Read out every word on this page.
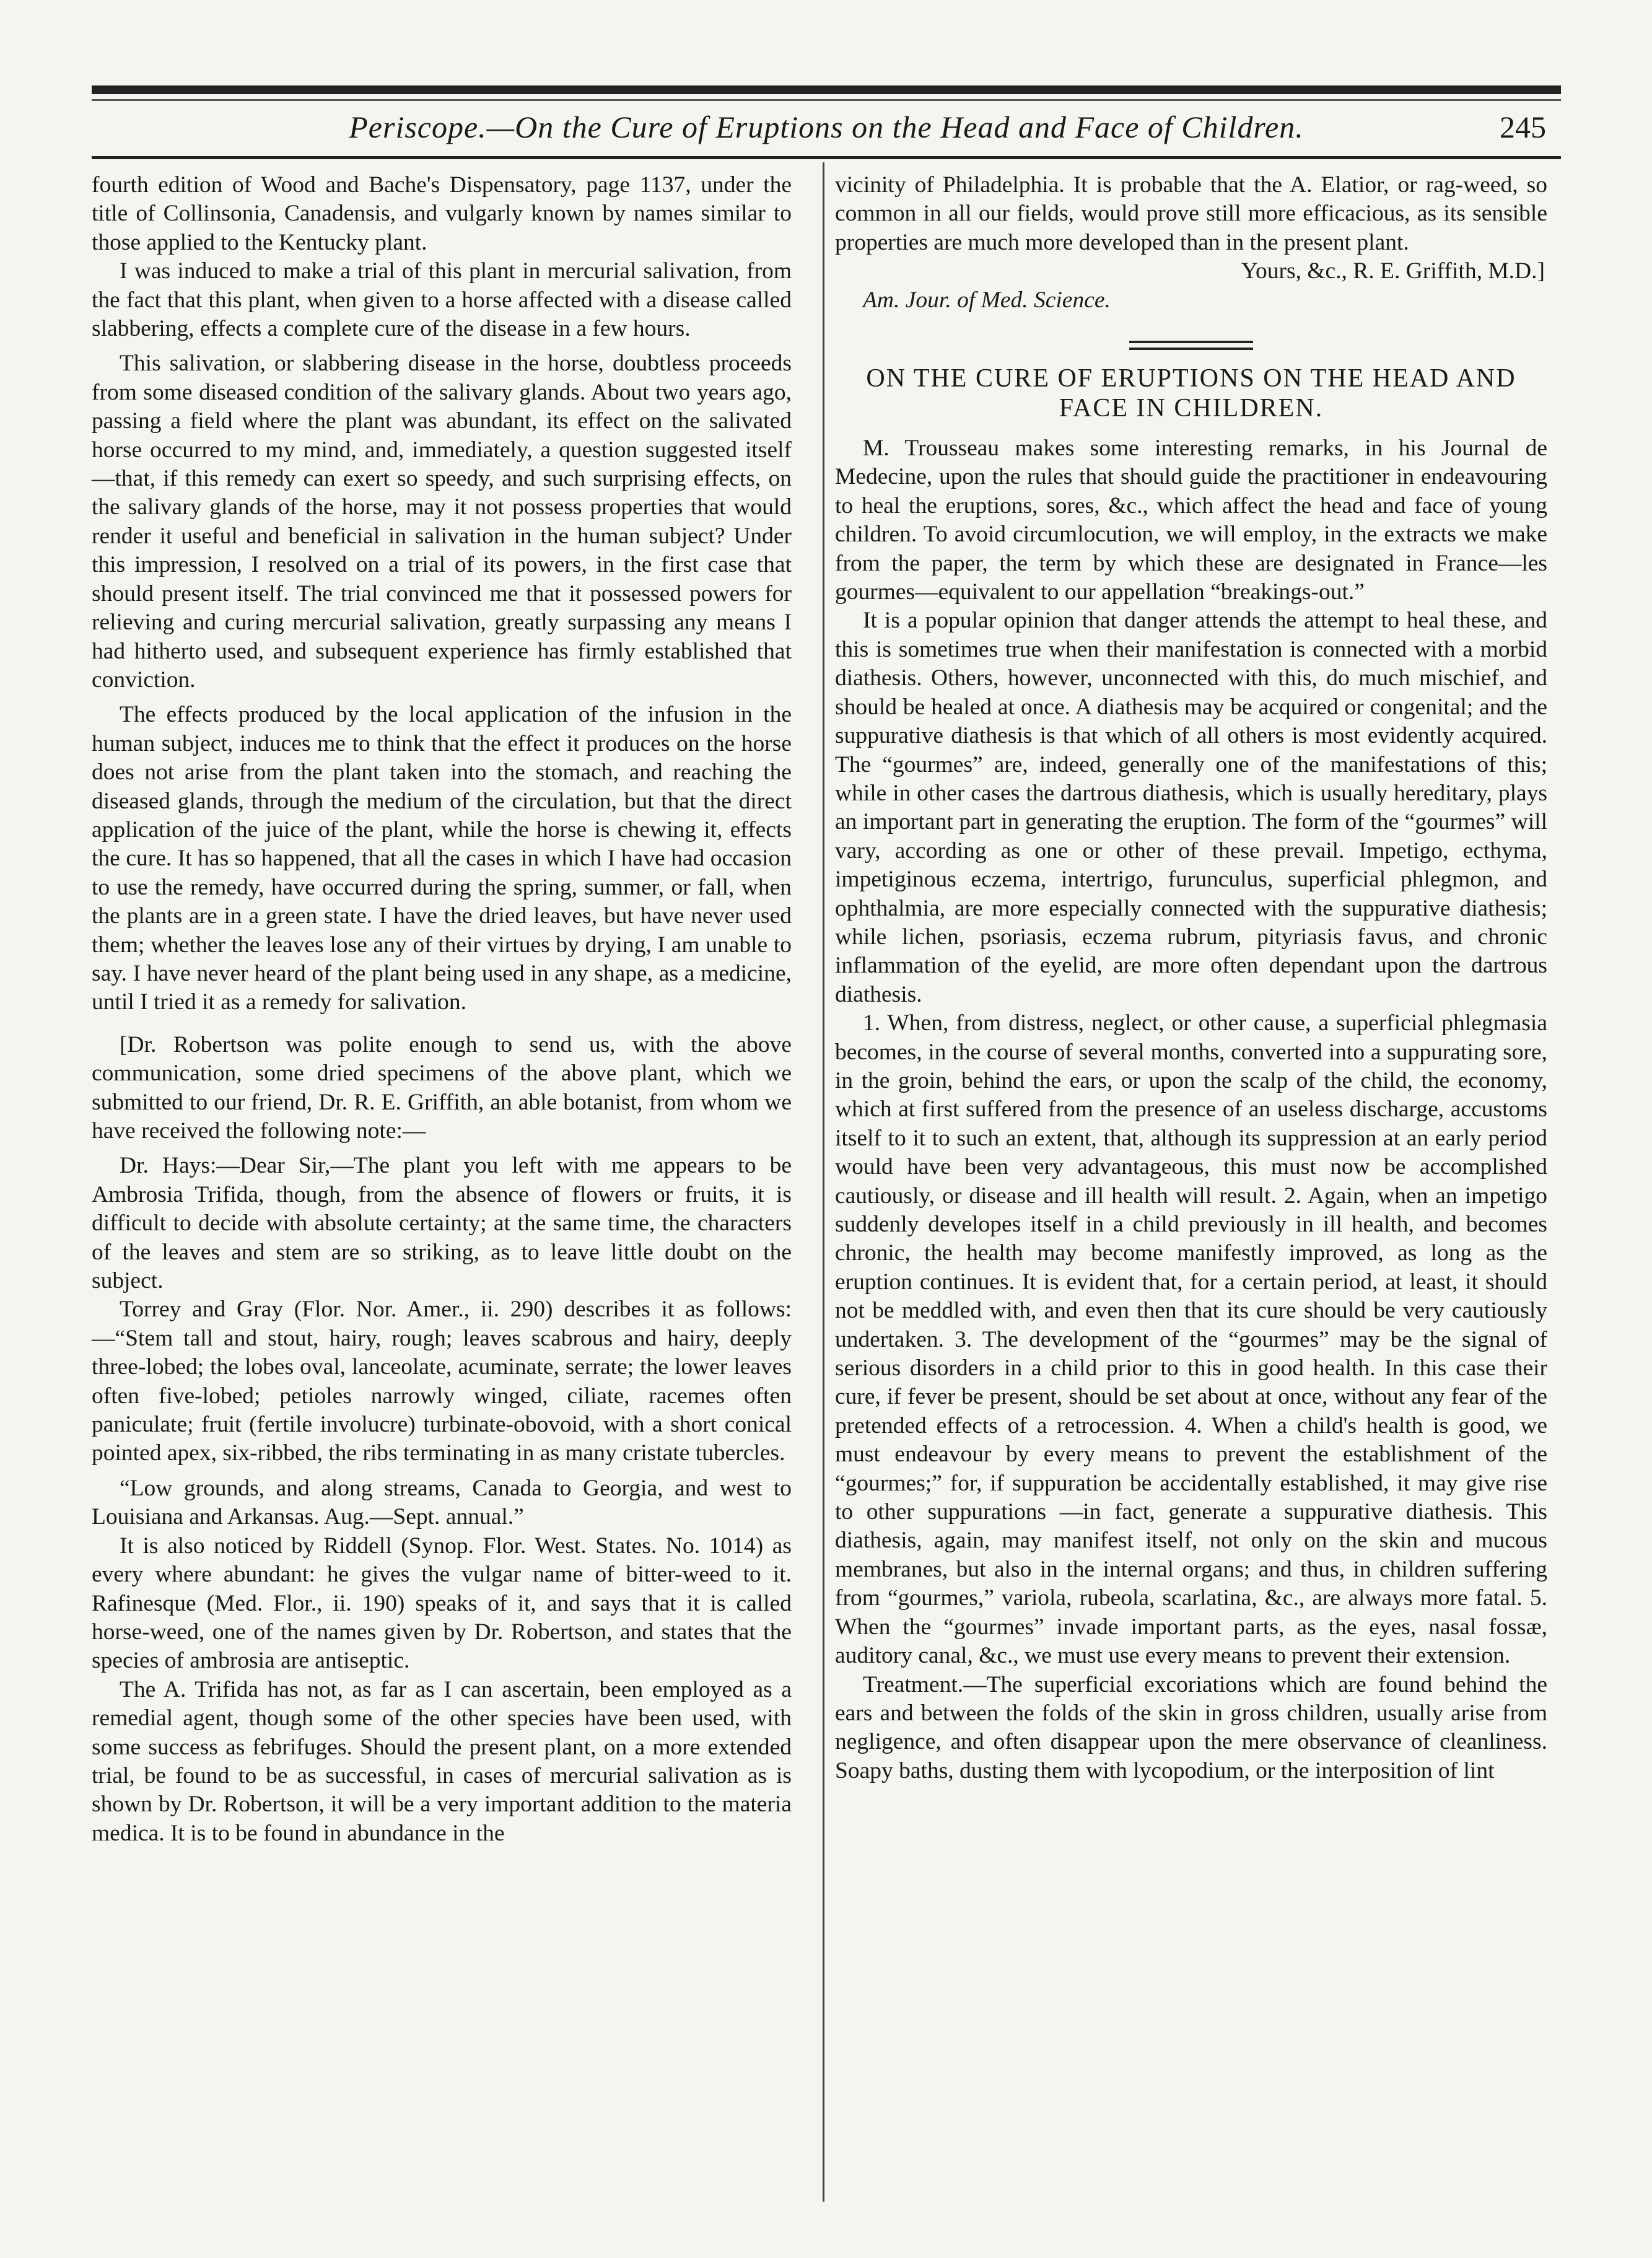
Periscope.—On the Cure of Eruptions on the Head and Face of Children.	245

fourth edition of Wood and Bache's Dispensatory, page 1137, under the title of Collinsonia, Canadensis, and vulgarly known by names similar to those applied to the Kentucky plant.

I was induced to make a trial of this plant in mercurial salivation, from the fact that this plant, when given to a horse affected with a disease called slabbering, effects a complete cure of the disease in a few hours.

This salivation, or slabbering disease in the horse, doubtless proceeds from some diseased condition of the salivary glands. About two years ago, passing a field where the plant was abundant, its effect on the salivated horse occurred to my mind, and, immediately, a question suggested itself—that, if this remedy can exert so speedy, and such surprising effects, on the salivary glands of the horse, may it not possess properties that would render it useful and beneficial in salivation in the human subject? Under this impression, I resolved on a trial of its powers, in the first case that should present itself. The trial convinced me that it possessed powers for relieving and curing mercurial salivation, greatly surpassing any means I had hitherto used, and subsequent experience has firmly established that conviction.

The effects produced by the local application of the infusion in the human subject, induces me to think that the effect it produces on the horse does not arise from the plant taken into the stomach, and reaching the diseased glands, through the medium of the circulation, but that the direct application of the juice of the plant, while the horse is chewing it, effects the cure. It has so happened, that all the cases in which I have had occasion to use the remedy, have occurred during the spring, summer, or fall, when the plants are in a green state. I have the dried leaves, but have never used them; whether the leaves lose any of their virtues by drying, I am unable to say. I have never heard of the plant being used in any shape, as a medicine, until I tried it as a remedy for salivation.

[Dr. Robertson was polite enough to send us, with the above communication, some dried specimens of the above plant, which we submitted to our friend, Dr. R. E. Griffith, an able botanist, from whom we have received the following note:—

Dr. Hays:—Dear Sir,—The plant you left with me appears to be Ambrosia Trifida, though, from the absence of flowers or fruits, it is difficult to decide with absolute certainty; at the same time, the characters of the leaves and stem are so striking, as to leave little doubt on the subject.

Torrey and Gray (Flor. Nor. Amer., ii. 290) describes it as follows:—“Stem tall and stout, hairy, rough; leaves scabrous and hairy, deeply three-lobed; the lobes oval, lanceolate, acuminate, serrate; the lower leaves often five-lobed; petioles narrowly winged, ciliate, racemes often paniculate; fruit (fertile involucre) turbinate-obovoid, with a short conical pointed apex, six-ribbed, the ribs terminating in as many cristate tubercles.

“Low grounds, and along streams, Canada to Georgia, and west to Louisiana and Arkansas. Aug.—Sept. annual.”

It is also noticed by Riddell (Synop. Flor. West. States. No. 1014) as every where abundant: he gives the vulgar name of bitter-weed to it. Rafinesque (Med. Flor., ii. 190) speaks of it, and says that it is called horse-weed, one of the names given by Dr. Robertson, and states that the species of ambrosia are antiseptic.

The A. Trifida has not, as far as I can ascertain, been employed as a remedial agent, though some of the other species have been used, with some success as febrifuges. Should the present plant, on a more extended trial, be found to be as successful, in cases of mercurial salivation as is shown by Dr. Robertson, it will be a very important addition to the materia medica. It is to be found in abundance in the

vicinity of Philadelphia. It is probable that the A. Elatior, or rag-weed, so common in all our fields, would prove still more efficacious, as its sensible properties are much more developed than in the present plant.

Yours, &c., R. E. Griffith, M.D.]

Am. Jour. of Med. Science.

ON THE CURE OF ERUPTIONS ON THE HEAD AND FACE IN CHILDREN.

M. Trousseau makes some interesting remarks, in his Journal de Medecine, upon the rules that should guide the practitioner in endeavouring to heal the eruptions, sores, &c., which affect the head and face of young children. To avoid circumlocution, we will employ, in the extracts we make from the paper, the term by which these are designated in France—les gourmes—equivalent to our appellation “breakings-out.”

It is a popular opinion that danger attends the attempt to heal these, and this is sometimes true when their manifestation is connected with a morbid diathesis. Others, however, unconnected with this, do much mischief, and should be healed at once. A diathesis may be acquired or congenital; and the suppurative diathesis is that which of all others is most evidently acquired. The “gourmes” are, indeed, generally one of the manifestations of this; while in other cases the dartrous diathesis, which is usually hereditary, plays an important part in generating the eruption. The form of the “gourmes” will vary, according as one or other of these prevail. Impetigo, ecthyma, impetiginous eczema, intertrigo, furunculus, superficial phlegmon, and ophthalmia, are more especially connected with the suppurative diathesis; while lichen, psoriasis, eczema rubrum, pityriasis favus, and chronic inflammation of the eyelid, are more often dependant upon the dartrous diathesis.

1. When, from distress, neglect, or other cause, a superficial phlegmasia becomes, in the course of several months, converted into a suppurating sore, in the groin, behind the ears, or upon the scalp of the child, the economy, which at first suffered from the presence of an useless discharge, accustoms itself to it to such an extent, that, although its suppression at an early period would have been very advantageous, this must now be accomplished cautiously, or disease and ill health will result. 2. Again, when an impetigo suddenly developes itself in a child previously in ill health, and becomes chronic, the health may become manifestly improved, as long as the eruption continues. It is evident that, for a certain period, at least, it should not be meddled with, and even then that its cure should be very cautiously undertaken. 3. The development of the “gourmes” may be the signal of serious disorders in a child prior to this in good health. In this case their cure, if fever be present, should be set about at once, without any fear of the pretended effects of a retrocession. 4. When a child's health is good, we must endeavour by every means to prevent the establishment of the “gourmes;” for, if suppuration be accidentally established, it may give rise to other suppurations —in fact, generate a suppurative diathesis. This diathesis, again, may manifest itself, not only on the skin and mucous membranes, but also in the internal organs; and thus, in children suffering from “gourmes,” variola, rubeola, scarlatina, &c., are always more fatal. 5. When the “gourmes” invade important parts, as the eyes, nasal fossæ, auditory canal, &c., we must use every means to prevent their extension.

Treatment.—The superficial excoriations which are found behind the ears and between the folds of the skin in gross children, usually arise from negligence, and often disappear upon the mere observance of cleanliness. Soapy baths, dusting them with lycopodium, or the interposition of lint
